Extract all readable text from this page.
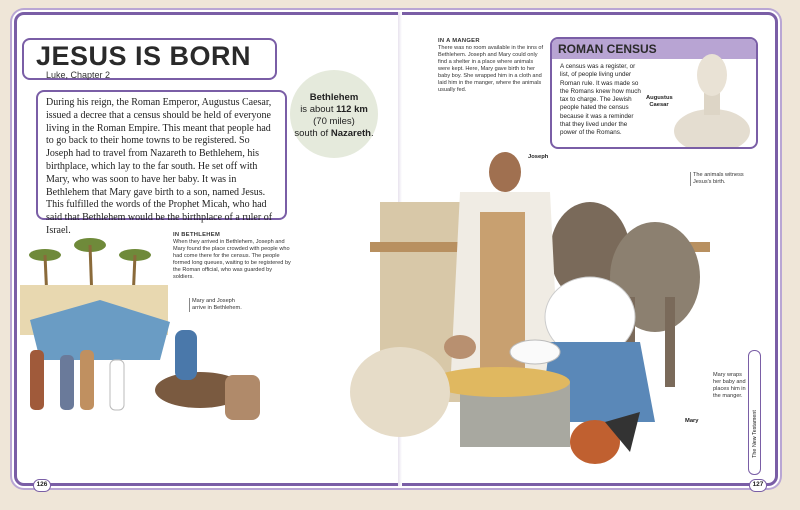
JESUS IS BORN
Luke, Chapter 2
During his reign, the Roman Emperor, Augustus Caesar, issued a decree that a census should be held of everyone living in the Roman Empire. This meant that people had to go back to their home towns to be registered. So Joseph had to travel from Nazareth to Bethlehem, his birthplace, which lay to the far south. He set off with Mary, who was soon to have her baby. It was in Bethlehem that Mary gave birth to a son, named Jesus. This fulfilled the words of the Prophet Micah, who had said that Bethlehem would be the birthplace of a ruler of Israel.
Bethlehem
is about 112 km
(70 miles)
south of Nazareth.
IN BETHLEHEM
When they arrived in Bethlehem, Joseph and Mary found the place crowded with people who had come there for the census. The people formed long queues, waiting to be registered by the Roman official, who was guarded by soldiers.
Mary and Joseph arrive in Bethlehem.
126
IN A MANGER
There was no room available in the inns of Bethlehem. Joseph and Mary could only find a shelter in a place where animals were kept. Here, Mary gave birth to her baby boy. She wrapped him in a cloth and laid him in the manger, where the animals usually fed.
ROMAN CENSUS
A census was a register, or list, of people living under Roman rule. It was made so the Romans knew how much tax to charge. The Jewish people hated the census because it was a reminder that they lived under the power of the Romans.
Augustus Caesar
Joseph
Mary
The animals witness Jesus's birth.
Mary wraps her baby and places him in the manger.
The New Testament
127
